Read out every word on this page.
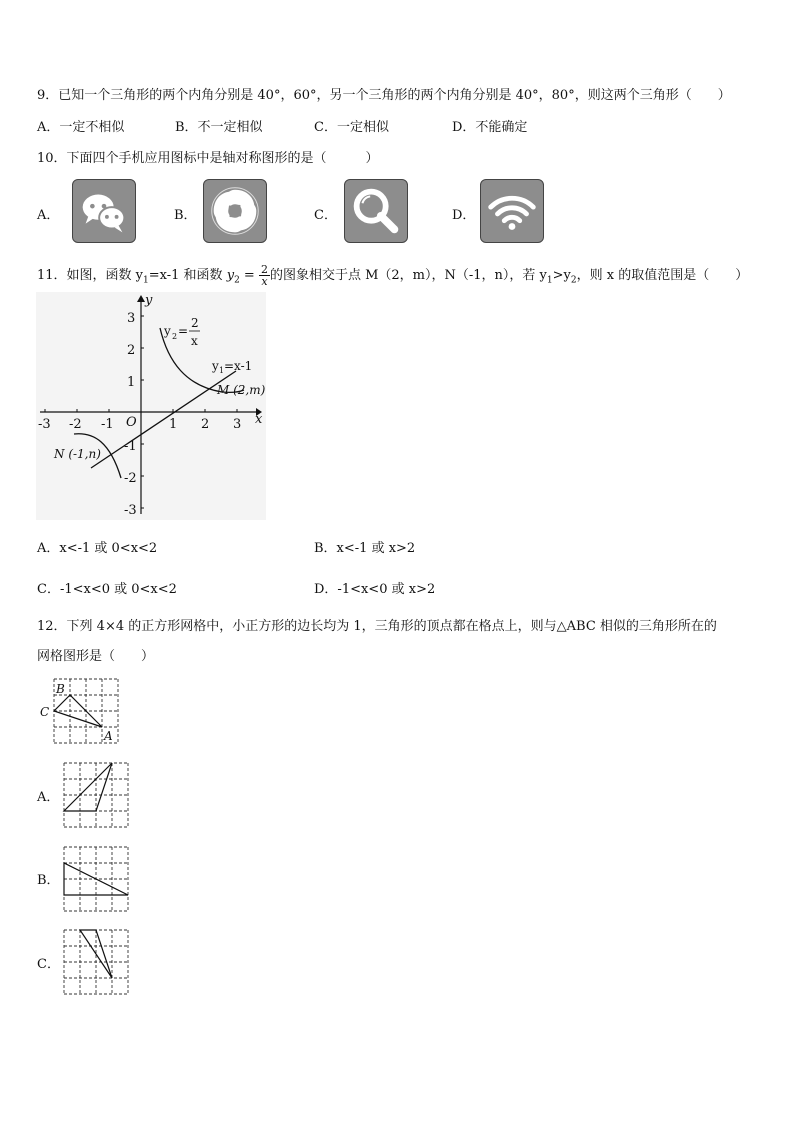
9．已知一个三角形的两个内角分别是 40°，60°，另一个三角形的两个内角分别是 40°，80°，则这两个三角形（　　）
A．一定不相似	B．不一定相似	C．一定相似	D．不能确定
10．下面四个手机应用图标中是轴对称图形的是（　　　）
A．	B．	C．	D．
11．如图，函数 $y_1=x-1$ 和函数 $y_2 = \frac{2}{x}$ 的图象相交于点 M（2，m），N（-1，n），若 $y_1>y_2$，则 x 的取值范围是（　　）
-3 -2 -1	1 2 3
3
2
1
-1
-2
-3
O	x
y
y 2 =
2
x
y 1 =x-1
M (2,m)
N (-1,n)
A．x<-1 或 0<x<2	B．x<-1 或 x>2
C．-1<x<0 或 0<x<2	D．-1<x<0 或 x>2
12．下列 4×4 的正方形网格中，小正方形的边长均为 1，三角形的顶点都在格点上，则与△ABC 相似的三角形所在的
网格图形是（　　）
B
C
A
A．
B．
C．
